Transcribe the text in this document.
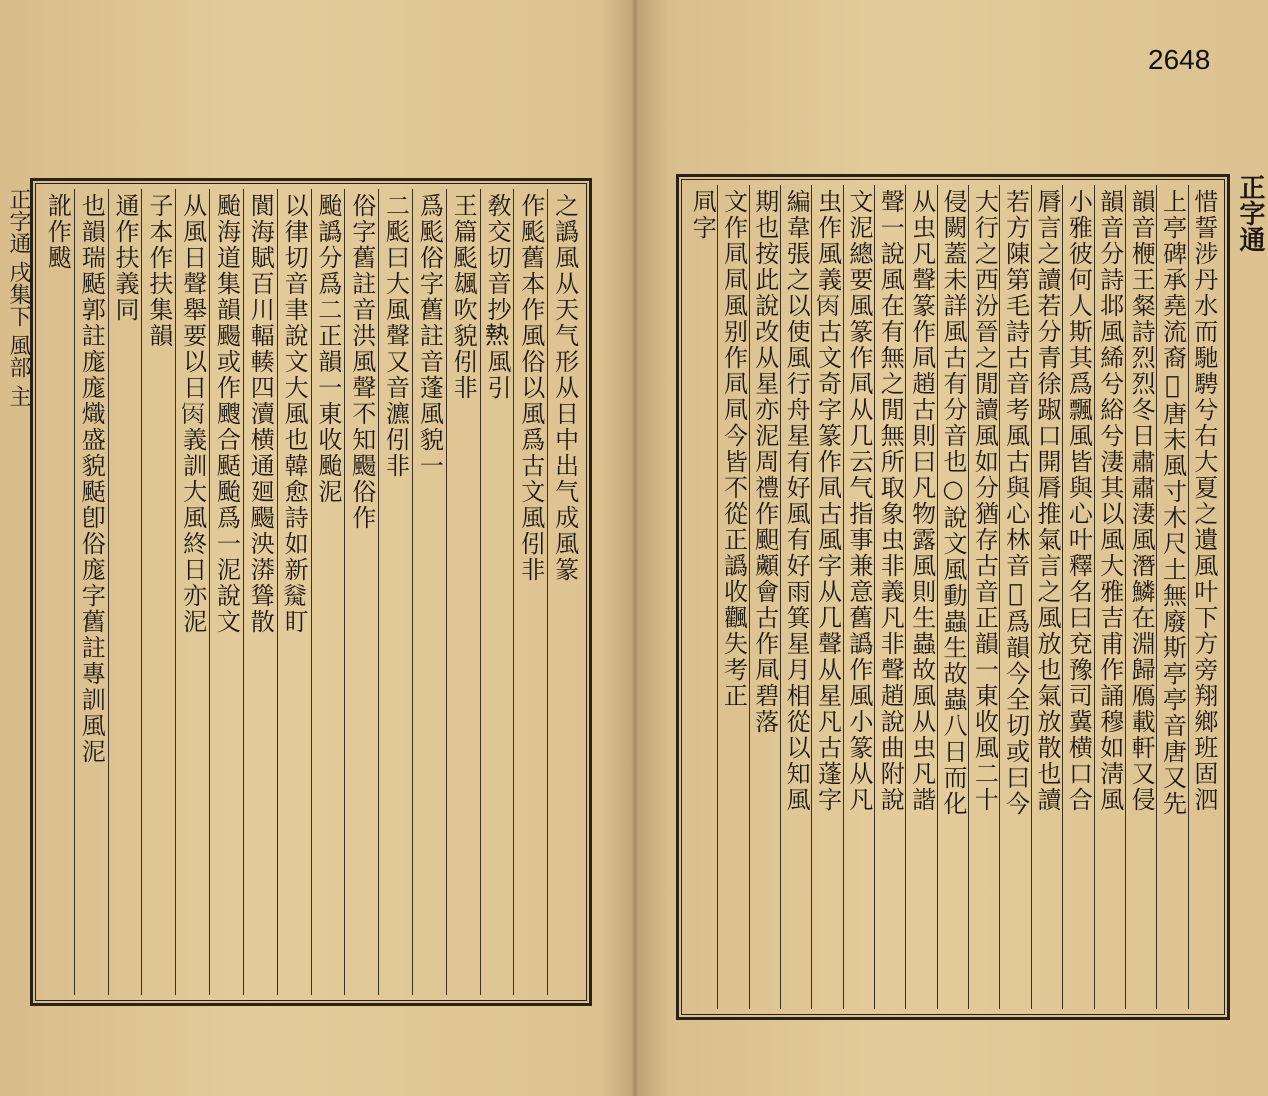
2648
正字通 戌集下 風部 主	之譌風从天气形从日中出气成風篆
作颩舊本作風俗以風爲古文風𠇁非
敎交切音抄𤍠風引
王篇颩䫺吹貌𠇁非
爲颩俗字舊註音蓬風貌一
二颩曰大風聲又音瀌𠇁非
俗字舊註音洪風聲不知颺俗作
颱譌分爲二正韻一東收颱泥
以律切音聿說文大風也韓愈詩如新𠔲盯
閬海賦百川輻輳四瀆横通廻颺泱漭聳散
颱海道集韻颺或作颼合颳颱爲一泥說文
从風日聲舉要以日𦘫義訓大風終日亦泥
子本作扶集韻
通作扶義同
也韻瑞颳郭註庬庬熾盛貌颳卽俗庬字舊註專訓風泥
訛作颰	惜誓涉丹水而馳騁兮右大夏之遺風叶下方旁翔鄉班固泗
上亭碑承堯流裔𧵅唐末風寸木尺土無廢斯亭亭音唐又先
韻音楩王粲詩烈烈冬日肅肅淒風潛鱗在淵歸鴈載軒又侵
韻音分詩邶風絺兮綌兮淒其以風大雅吉甫作誦穆如淸風
小雅彼何人斯其爲飄風皆與心叶釋名曰兗豫司冀横口合
脣言之讀若分青徐踧口開脣推氣言之風放也氣放散也讀
若方陳第毛詩古音考風古與心林音𡊮爲韻今全切或曰今
大行之西汾晉之閒讀風如分猶存古音正韻一東收風二十
侵闕蓋未詳風古有分音也○說文風動蟲生故蟲八日而化
从虫凡聲篆作凬趙古則曰凡物露風則生蟲故風从虫凡諧
聲一說風在有無之閒無所取象虫非義凡非聲趙說曲附說
文泥總要風篆作凬从几云气指事兼意舊譌作風小篆从凡
虫作風義𦘫古文奇字篆作凬古風字从几聲从星凡古蓬字
編韋張之以使風行舟星有好風有好雨箕星月相從以知風
期也按此說改从星亦泥周禮作䫻顪會古作凬碧落
文作凬凬風别作凬凬今皆不從正譌收飌失考正
凬字	正字通
